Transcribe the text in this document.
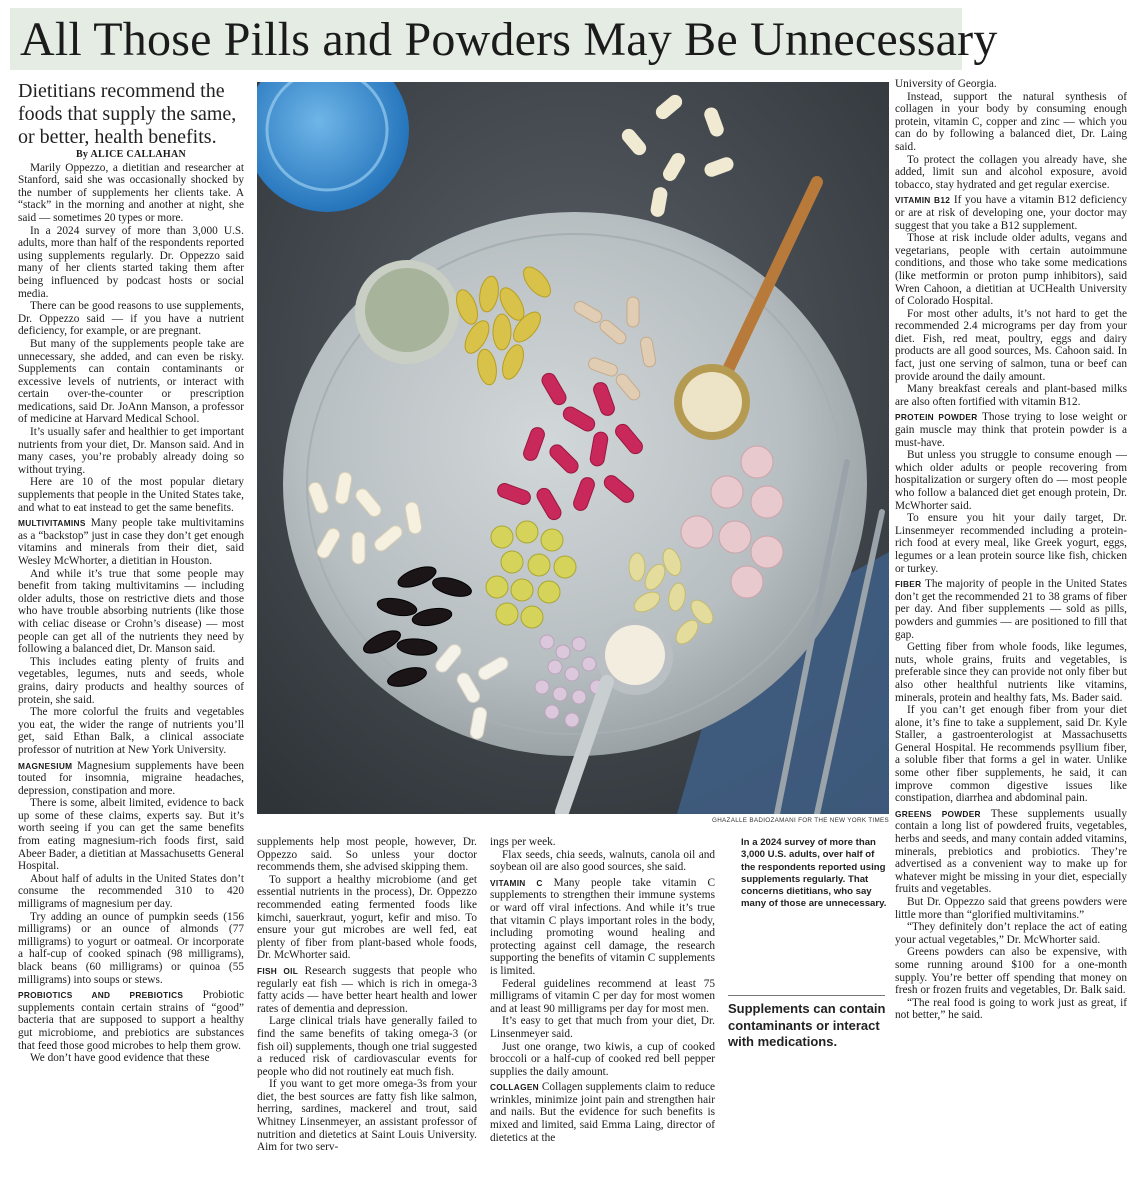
All Those Pills and Powders May Be Unnecessary

Dietitians recommend the foods that supply the same, or better, health benefits.

By ALICE CALLAHAN

Marily Oppezzo, a dietitian and researcher at Stanford, said she was occasionally shocked by the number of supplements her clients take. A “stack” in the morning and another at night, she said — sometimes 20 types or more.

In a 2024 survey of more than 3,000 U.S. adults, more than half of the respondents reported using supplements regularly. Dr. Oppezzo said many of her clients started taking them after being influenced by podcast hosts or social media.

There can be good reasons to use supplements, Dr. Oppezzo said — if you have a nutrient deficiency, for example, or are pregnant.

But many of the supplements people take are unnecessary, she added, and can even be risky. Supplements can contain contaminants or excessive levels of nutrients, or interact with certain over-the-counter or prescription medications, said Dr. JoAnn Manson, a professor of medicine at Harvard Medical School.

It’s usually safer and healthier to get important nutrients from your diet, Dr. Manson said. And in many cases, you’re probably already doing so without trying.

Here are 10 of the most popular dietary supplements that people in the United States take, and what to eat instead to get the same benefits.

MULTIVITAMINS Many people take multivitamins as a “backstop” just in case they don’t get enough vitamins and minerals from their diet, said Wesley McWhorter, a dietitian in Houston.

And while it’s true that some people may benefit from taking multivitamins — including older adults, those on restrictive diets and those who have trouble absorbing nutrients (like those with celiac disease or Crohn’s disease) — most people can get all of the nutrients they need by following a balanced diet, Dr. Manson said.

This includes eating plenty of fruits and vegetables, legumes, nuts and seeds, whole grains, dairy products and healthy sources of protein, she said.

The more colorful the fruits and vegetables you eat, the wider the range of nutrients you’ll get, said Ethan Balk, a clinical associate professor of nutrition at New York University.

MAGNESIUM Magnesium supplements have been touted for insomnia, migraine headaches, depression, constipation and more.

There is some, albeit limited, evidence to back up some of these claims, experts say. But it’s worth seeing if you can get the same benefits from eating magnesium-rich foods first, said Abeer Bader, a dietitian at Massachusetts General Hospital.

About half of adults in the United States don’t consume the recommended 310 to 420 milligrams of magnesium per day.

Try adding an ounce of pumpkin seeds (156 milligrams) or an ounce of almonds (77 milligrams) to yogurt or oatmeal. Or incorporate a half-cup of cooked spinach (98 milligrams), black beans (60 milligrams) or quinoa (55 milligrams) into soups or stews.

PROBIOTICS AND PREBIOTICS Probiotic supplements contain certain strains of “good” bacteria that are supposed to support a healthy gut microbiome, and prebiotics are substances that feed those good microbes to help them grow.

We don’t have good evidence that these

GHAZALLE BADIOZAMANI FOR THE NEW YORK TIMES

supplements help most people, however, Dr. Oppezzo said. So unless your doctor recommends them, she advised skipping them.

To support a healthy microbiome (and get essential nutrients in the process), Dr. Oppezzo recommended eating fermented foods like kimchi, sauerkraut, yogurt, kefir and miso. To ensure your gut microbes are well fed, eat plenty of fiber from plant-based whole foods, Dr. McWhorter said.

FISH OIL Research suggests that people who regularly eat fish — which is rich in omega-3 fatty acids — have better heart health and lower rates of dementia and depression.

Large clinical trials have generally failed to find the same benefits of taking omega-3 (or fish oil) supplements, though one trial suggested a reduced risk of cardiovascular events for people who did not routinely eat much fish.

If you want to get more omega-3s from your diet, the best sources are fatty fish like salmon, herring, sardines, mackerel and trout, said Whitney Linsenmeyer, an assistant professor of nutrition and dietetics at Saint Louis University. Aim for two serv-

ings per week.

Flax seeds, chia seeds, walnuts, canola oil and soybean oil are also good sources, she said.

VITAMIN C Many people take vitamin C supplements to strengthen their immune systems or ward off viral infections. And while it’s true that vitamin C plays important roles in the body, including promoting wound healing and protecting against cell damage, the research supporting the benefits of vitamin C supplements is limited.

Federal guidelines recommend at least 75 milligrams of vitamin C per day for most women and at least 90 milligrams per day for most men.

It’s easy to get that much from your diet, Dr. Linsenmeyer said.

Just one orange, two kiwis, a cup of cooked broccoli or a half-cup of cooked red bell pepper supplies the daily amount.

COLLAGEN Collagen supplements claim to reduce wrinkles, minimize joint pain and strengthen hair and nails. But the evidence for such benefits is mixed and limited, said Emma Laing, director of dietetics at the

In a 2024 survey of more than 3,000 U.S. adults, over half of the respondents reported using supplements regularly. That concerns dietitians, who say many of those are unnecessary.
Supplements can contain contaminants or interact with medications.

University of Georgia.

Instead, support the natural synthesis of collagen in your body by consuming enough protein, vitamin C, copper and zinc — which you can do by following a balanced diet, Dr. Laing said.

To protect the collagen you already have, she added, limit sun and alcohol exposure, avoid tobacco, stay hydrated and get regular exercise.

VITAMIN B12 If you have a vitamin B12 deficiency or are at risk of developing one, your doctor may suggest that you take a B12 supplement.

Those at risk include older adults, vegans and vegetarians, people with certain autoimmune conditions, and those who take some medications (like metformin or proton pump inhibitors), said Wren Cahoon, a dietitian at UCHealth University of Colorado Hospital.

For most other adults, it’s not hard to get the recommended 2.4 micrograms per day from your diet. Fish, red meat, poultry, eggs and dairy products are all good sources, Ms. Cahoon said. In fact, just one serving of salmon, tuna or beef can provide around the daily amount.

Many breakfast cereals and plant-based milks are also often fortified with vitamin B12.

PROTEIN POWDER Those trying to lose weight or gain muscle may think that protein powder is a must-have.

But unless you struggle to consume enough — which older adults or people recovering from hospitalization or surgery often do — most people who follow a balanced diet get enough protein, Dr. McWhorter said.

To ensure you hit your daily target, Dr. Linsenmeyer recommended including a protein-rich food at every meal, like Greek yogurt, eggs, legumes or a lean protein source like fish, chicken or turkey.

FIBER The majority of people in the United States don’t get the recommended 21 to 38 grams of fiber per day. And fiber supplements — sold as pills, powders and gummies — are positioned to fill that gap.

Getting fiber from whole foods, like legumes, nuts, whole grains, fruits and vegetables, is preferable since they can provide not only fiber but also other healthful nutrients like vitamins, minerals, protein and healthy fats, Ms. Bader said.

If you can’t get enough fiber from your diet alone, it’s fine to take a supplement, said Dr. Kyle Staller, a gastroenterologist at Massachusetts General Hospital. He recommends psyllium fiber, a soluble fiber that forms a gel in water. Unlike some other fiber supplements, he said, it can improve common digestive issues like constipation, diarrhea and abdominal pain.

GREENS POWDER These supplements usually contain a long list of powdered fruits, vegetables, herbs and seeds, and many contain added vitamins, minerals, prebiotics and probiotics. They’re advertised as a convenient way to make up for whatever might be missing in your diet, especially fruits and vegetables.

But Dr. Oppezzo said that greens powders were little more than “glorified multivitamins.”

“They definitely don’t replace the act of eating your actual vegetables,” Dr. McWhorter said.

Greens powders can also be expensive, with some running around $100 for a one-month supply. You’re better off spending that money on fresh or frozen fruits and vegetables, Dr. Balk said.

“The real food is going to work just as great, if not better,” he said.
